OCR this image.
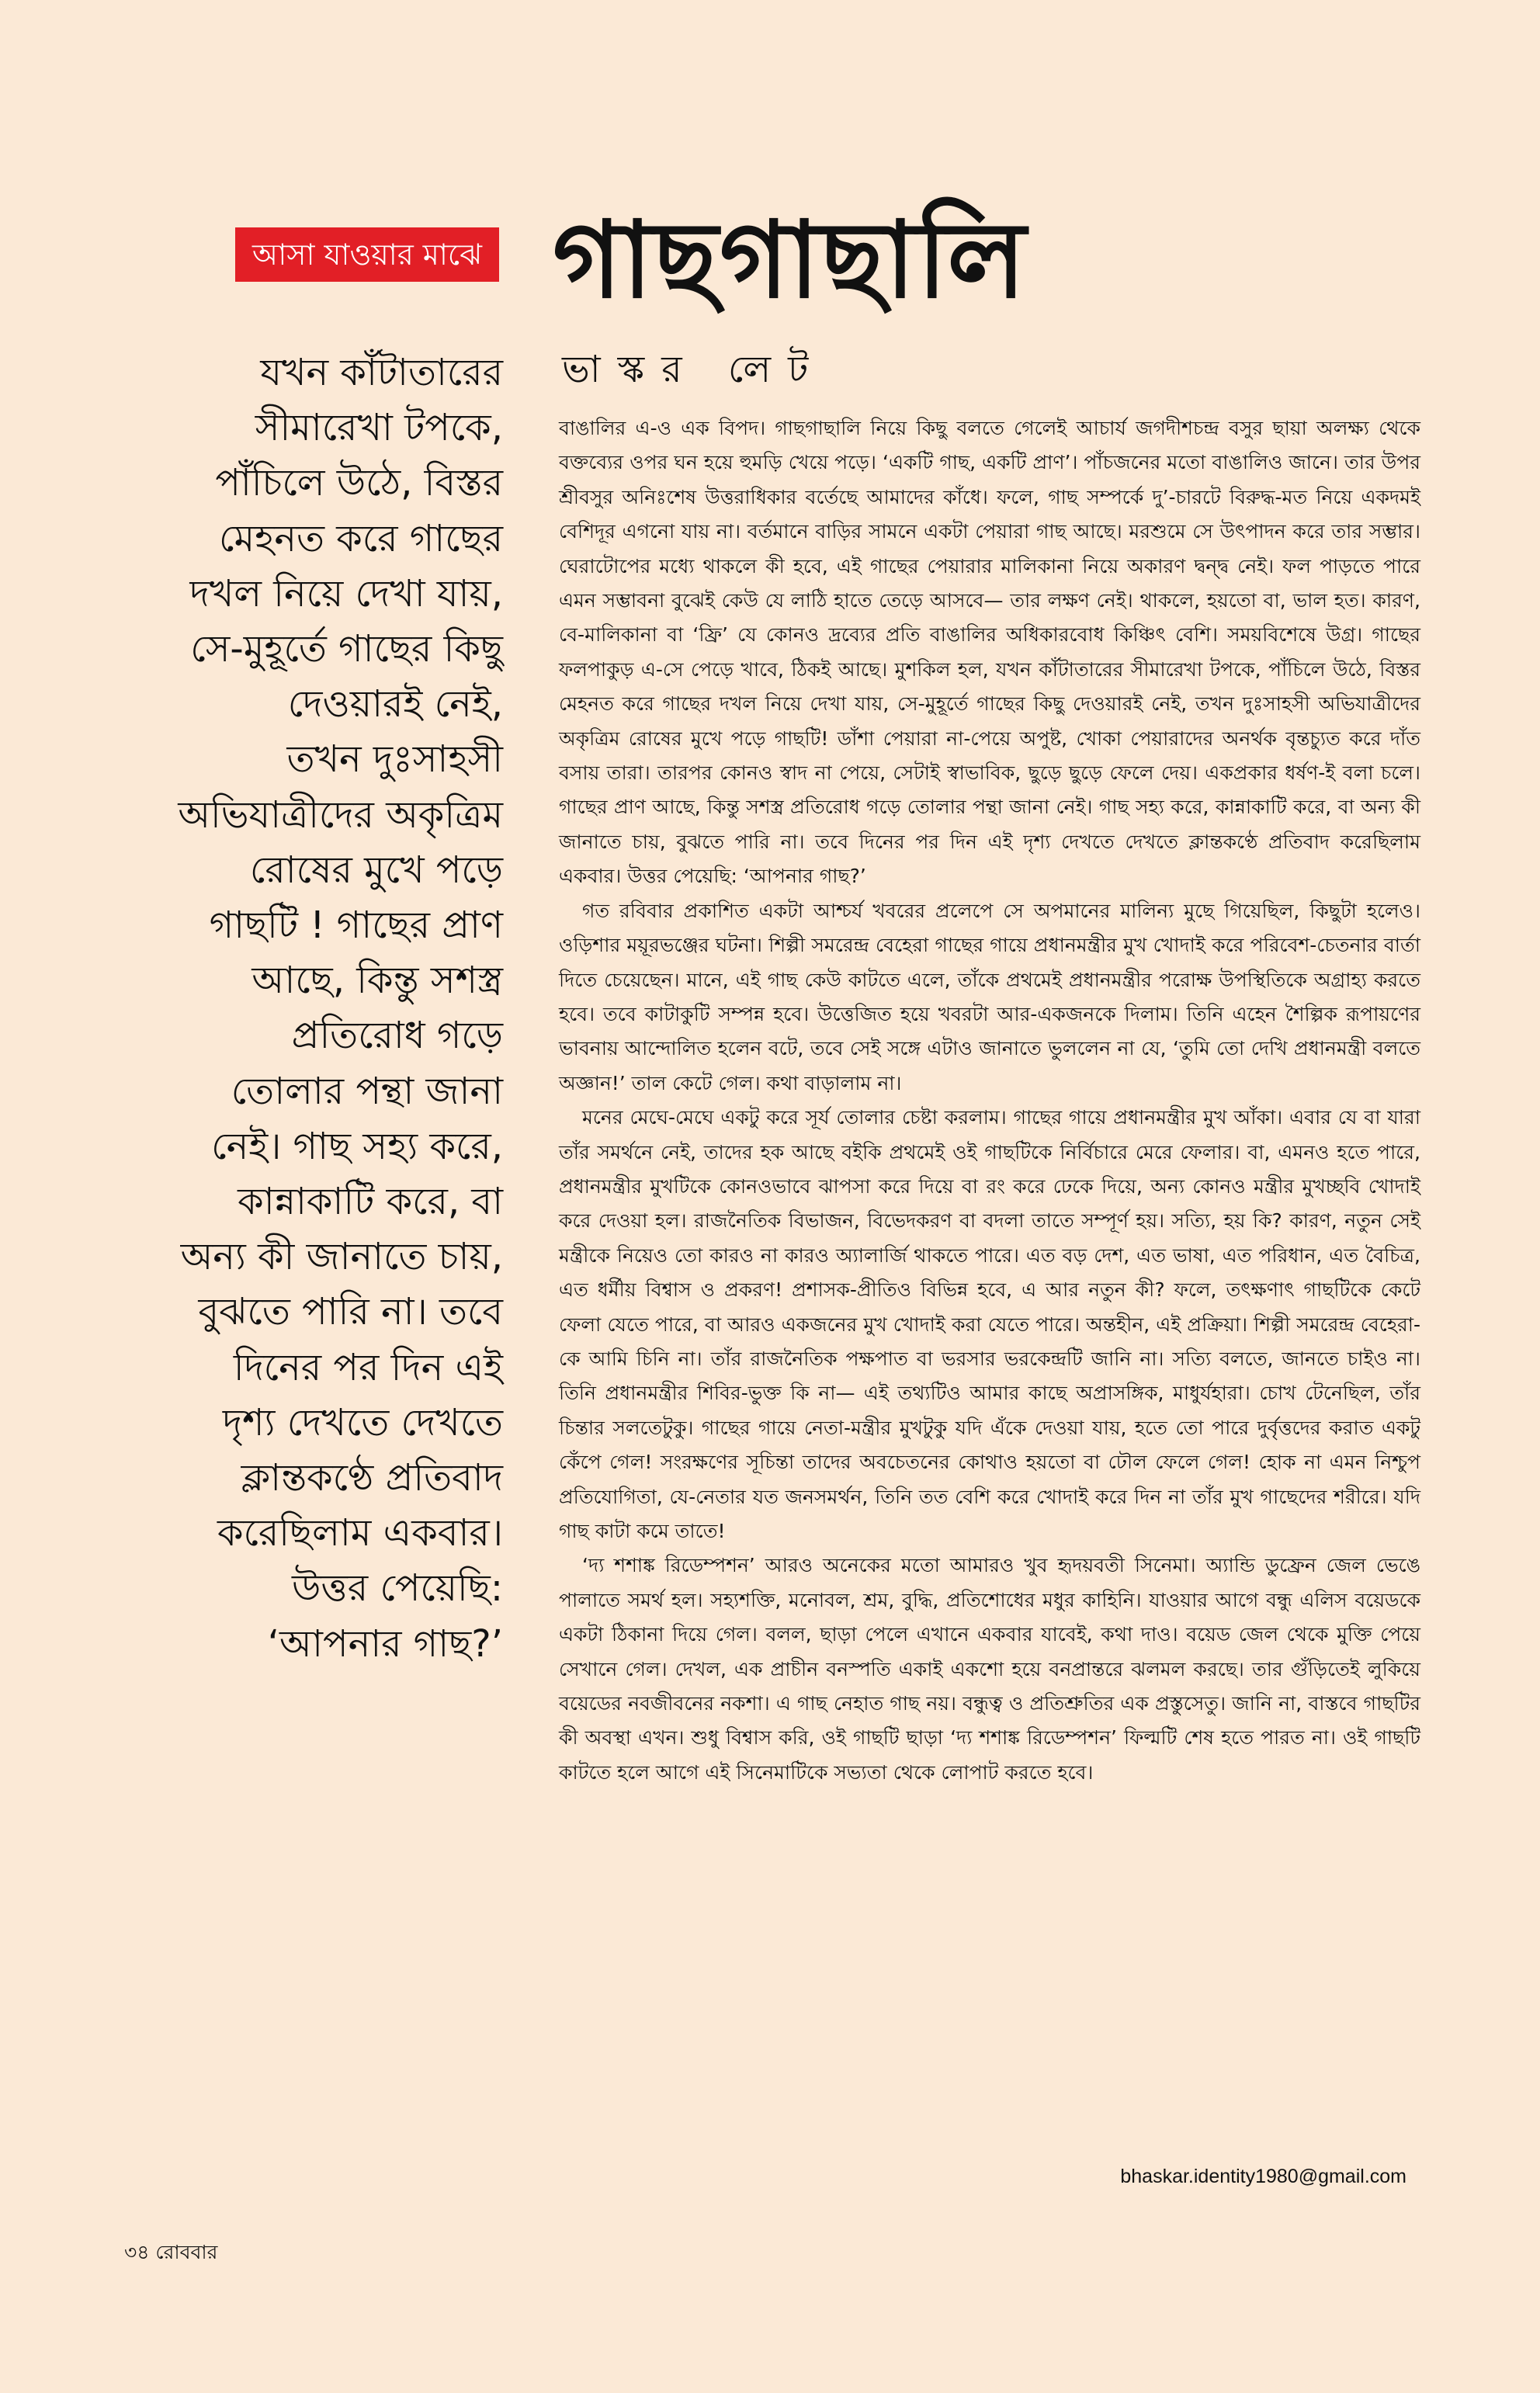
আসা যাওয়ার মাঝে গাছগাছালি
ভাস্কর লেট
যখন কাঁটাতারের
সীমারেখা টপকে,
পাঁচিলে উঠে, বিস্তর
মেহনত করে গাছের
দখল নিয়ে দেখা যায়,
সে-মুহূর্তে গাছের কিছু
দেওয়ারই নেই,
তখন দুঃসাহসী
অভিযাত্রীদের অকৃত্রিম
রোষের মুখে পড়ে
গাছটি ! গাছের প্রাণ
আছে, কিন্তু সশস্ত্র
প্রতিরোধ গড়ে
তোলার পন্থা জানা
নেই। গাছ সহ্য করে,
কান্নাকাটি করে, বা
অন্য কী জানাতে চায়,
বুঝতে পারি না। তবে
দিনের পর দিন এই
দৃশ্য দেখতে দেখতে
ক্লান্তকণ্ঠে প্রতিবাদ
করেছিলাম একবার।
উত্তর পেয়েছি:
‘আপনার গাছ?’

বাঙালির এ-ও এক বিপদ। গাছগাছালি নিয়ে কিছু বলতে গেলেই আচার্য জগদীশচন্দ্র বসুর ছায়া অলক্ষ্য থেকে বক্তব্যের ওপর ঘন হয়ে হুমড়ি খেয়ে পড়ে। ‘একটি গাছ, একটি প্রাণ’। পাঁচজনের মতো বাঙালিও জানে। তার উপর শ্রীবসুর অনিঃশেষ উত্তরাধিকার বর্তেছে আমাদের কাঁধে। ফলে, গাছ সম্পর্কে দু’-চারটে বিরুদ্ধ-মত নিয়ে একদমই বেশিদূর এগনো যায় না। বর্তমানে বাড়ির সামনে একটা পেয়ারা গাছ আছে। মরশুমে সে উৎপাদন করে তার সম্ভার। ঘেরাটোপের মধ্যে থাকলে কী হবে, এই গাছের পেয়ারার মালিকানা নিয়ে অকারণ দ্বন্দ্ব নেই। ফল পাড়তে পারে এমন সম্ভাবনা বুঝেই কেউ যে লাঠি হাতে তেড়ে আসবে— তার লক্ষণ নেই। থাকলে, হয়তো বা, ভাল হত। কারণ, বে-মালিকানা বা ‘ফ্রি’ যে কোনও দ্রব্যের প্রতি বাঙালির অধিকারবোধ কিঞ্চিৎ বেশি। সময়বিশেষে উগ্র। গাছের ফলপাকুড় এ-সে পেড়ে খাবে, ঠিকই আছে। মুশকিল হল, যখন কাঁটাতারের সীমারেখা টপকে, পাঁচিলে উঠে, বিস্তর মেহনত করে গাছের দখল নিয়ে দেখা যায়, সে-মুহূর্তে গাছের কিছু দেওয়ারই নেই, তখন দুঃসাহসী অভিযাত্রীদের অকৃত্রিম রোষের মুখে পড়ে গাছটি! ডাঁশা পেয়ারা না-পেয়ে অপুষ্ট, খোকা পেয়ারাদের অনর্থক বৃন্তচ্যুত করে দাঁত বসায় তারা। তারপর কোনও স্বাদ না পেয়ে, সেটাই স্বাভাবিক, ছুড়ে ছুড়ে ফেলে দেয়। একপ্রকার ধর্ষণ-ই বলা চলে। গাছের প্রাণ আছে, কিন্তু সশস্ত্র প্রতিরোধ গড়ে তোলার পন্থা জানা নেই। গাছ সহ্য করে, কান্নাকাটি করে, বা অন্য কী জানাতে চায়, বুঝতে পারি না। তবে দিনের পর দিন এই দৃশ্য দেখতে দেখতে ক্লান্তকণ্ঠে প্রতিবাদ করেছিলাম একবার। উত্তর পেয়েছি: ‘আপনার গাছ?’

গত রবিবার প্রকাশিত একটা আশ্চর্য খবরের প্রলেপে সে অপমানের মালিন্য মুছে গিয়েছিল, কিছুটা হলেও। ওড়িশার ময়ূরভঞ্জের ঘটনা। শিল্পী সমরেন্দ্র বেহেরা গাছের গায়ে প্রধানমন্ত্রীর মুখ খোদাই করে পরিবেশ-চেতনার বার্তা দিতে চেয়েছেন। মানে, এই গাছ কেউ কাটতে এলে, তাঁকে প্রথমেই প্রধানমন্ত্রীর পরোক্ষ উপস্থিতিকে অগ্রাহ্য করতে হবে। তবে কাটাকুটি সম্পন্ন হবে। উত্তেজিত হয়ে খবরটা আর-একজনকে দিলাম। তিনি এহেন শৈল্পিক রূপায়ণের ভাবনায় আন্দোলিত হলেন বটে, তবে সেই সঙ্গে এটাও জানাতে ভুললেন না যে, ‘তুমি তো দেখি প্রধানমন্ত্রী বলতে অজ্ঞান!’ তাল কেটে গেল। কথা বাড়ালাম না।

মনের মেঘে-মেঘে একটু করে সূর্য তোলার চেষ্টা করলাম। গাছের গায়ে প্রধানমন্ত্রীর মুখ আঁকা। এবার যে বা যারা তাঁর সমর্থনে নেই, তাদের হক আছে বইকি প্রথমেই ওই গাছটিকে নির্বিচারে মেরে ফেলার। বা, এমনও হতে পারে, প্রধানমন্ত্রীর মুখটিকে কোনওভাবে ঝাপসা করে দিয়ে বা রং করে ঢেকে দিয়ে, অন্য কোনও মন্ত্রীর মুখচ্ছবি খোদাই করে দেওয়া হল। রাজনৈতিক বিভাজন, বিভেদকরণ বা বদলা তাতে সম্পূর্ণ হয়। সত্যি, হয় কি? কারণ, নতুন সেই মন্ত্রীকে নিয়েও তো কারও না কারও অ্যালার্জি থাকতে পারে। এত বড় দেশ, এত ভাষা, এত পরিধান, এত বৈচিত্র, এত ধর্মীয় বিশ্বাস ও প্রকরণ! প্রশাসক-প্রীতিও বিভিন্ন হবে, এ আর নতুন কী? ফলে, তৎক্ষণাৎ গাছটিকে কেটে ফেলা যেতে পারে, বা আরও একজনের মুখ খোদাই করা যেতে পারে। অন্তহীন, এই প্রক্রিয়া। শিল্পী সমরেন্দ্র বেহেরা-কে আমি চিনি না। তাঁর রাজনৈতিক পক্ষপাত বা ভরসার ভরকেন্দ্রটি জানি না। সত্যি বলতে, জানতে চাইও না। তিনি প্রধানমন্ত্রীর শিবির-ভুক্ত কি না— এই তথ্যটিও আমার কাছে অপ্রাসঙ্গিক, মাধুর্যহারা। চোখ টেনেছিল, তাঁর চিন্তার সলতেটুকু। গাছের গায়ে নেতা-মন্ত্রীর মুখটুকু যদি এঁকে দেওয়া যায়, হতে তো পারে দুর্বৃত্তদের করাত একটু কেঁপে গেল! সংরক্ষণের সূচিন্তা তাদের অবচেতনের কোথাও হয়তো বা ঢৌল ফেলে গেল! হোক না এমন নিশ্চুপ প্রতিযোগিতা, যে-নেতার যত জনসমর্থন, তিনি তত বেশি করে খোদাই করে দিন না তাঁর মুখ গাছেদের শরীরে। যদি গাছ কাটা কমে তাতে!

‘দ্য শশাঙ্ক রিডেম্পশন’ আরও অনেকের মতো আমারও খুব হৃদয়বতী সিনেমা। অ্যান্ডি ডুফ্রেন জেল ভেঙে পালাতে সমর্থ হল। সহ্যশক্তি, মনোবল, শ্রম, বুদ্ধি, প্রতিশোধের মধুর কাহিনি। যাওয়ার আগে বন্ধু এলিস বয়েডকে একটা ঠিকানা দিয়ে গেল। বলল, ছাড়া পেলে এখানে একবার যাবেই, কথা দাও। বয়েড জেল থেকে মুক্তি পেয়ে সেখানে গেল। দেখল, এক প্রাচীন বনস্পতি একাই একশো হয়ে বনপ্রান্তরে ঝলমল করছে। তার গুঁড়িতেই লুকিয়ে বয়েডের নবজীবনের নকশা। এ গাছ নেহাত গাছ নয়। বন্ধুত্ব ও প্রতিশ্রুতির এক প্রস্তুসেতু। জানি না, বাস্তবে গাছটির কী অবস্থা এখন। শুধু বিশ্বাস করি, ওই গাছটি ছাড়া ‘দ্য শশাঙ্ক রিডেম্পশন’ ফিল্মটি শেষ হতে পারত না। ওই গাছটি কাটতে হলে আগে এই সিনেমাটিকে সভ্যতা থেকে লোপাট করতে হবে।

bhaskar.identity1980@gmail.com
৩৪ রোববার
